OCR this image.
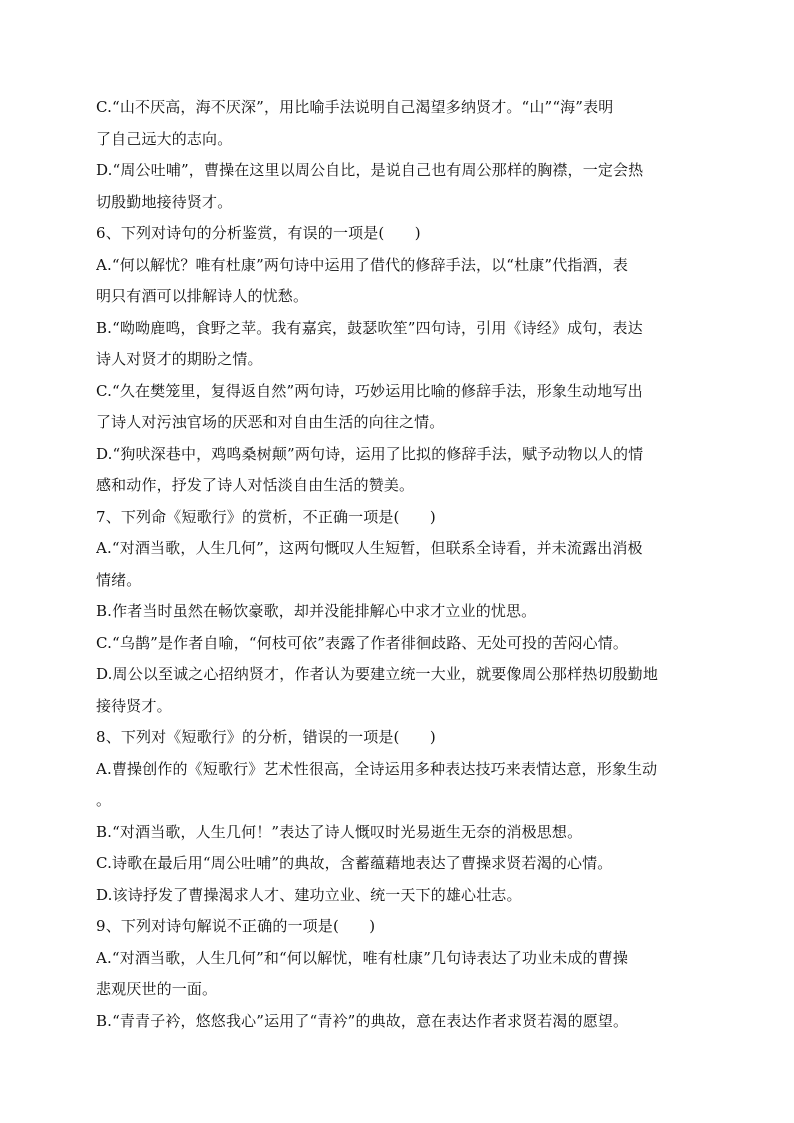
C.“山不厌高，海不厌深”，用比喻手法说明自己渴望多纳贤才。“山”“海”表明
了自己远大的志向。
D.“周公吐哺”，曹操在这里以周公自比，是说自己也有周公那样的胸襟，一定会热
切殷勤地接待贤才。
6、下列对诗句的分析鉴赏，有误的一项是(　　)
A.“何以解忧？唯有杜康”两句诗中运用了借代的修辞手法，以“杜康”代指酒，表
明只有酒可以排解诗人的忧愁。
B.“呦呦鹿鸣，食野之苹。我有嘉宾，鼓瑟吹笙”四句诗，引用《诗经》成句，表达
诗人对贤才的期盼之情。
C.“久在樊笼里，复得返自然”两句诗，巧妙运用比喻的修辞手法，形象生动地写出
了诗人对污浊官场的厌恶和对自由生活的向往之情。
D.“狗吠深巷中，鸡鸣桑树颠”两句诗，运用了比拟的修辞手法，赋予动物以人的情
感和动作，抒发了诗人对恬淡自由生活的赞美。
7、下列命《短歌行》的赏析，不正确一项是(　　)
A.“对酒当歌，人生几何”，这两句慨叹人生短暂，但联系全诗看，并未流露出消极
情绪。
B.作者当时虽然在畅饮豪歌，却并没能排解心中求才立业的忧思。
C.“乌鹊”是作者自喻，“何枝可依”表露了作者徘徊歧路、无处可投的苦闷心情。
D.周公以至诚之心招纳贤才，作者认为要建立统一大业，就要像周公那样热切殷勤地
接待贤才。
8、下列对《短歌行》的分析，错误的一项是(　　)
A.曹操创作的《短歌行》艺术性很高，全诗运用多种表达技巧来表情达意，形象生动
。
B.“对酒当歌，人生几何！”表达了诗人慨叹时光易逝生无奈的消极思想。
C.诗歌在最后用“周公吐哺”的典故，含蓄蕴藉地表达了曹操求贤若渴的心情。
D.该诗抒发了曹操渴求人才、建功立业、统一天下的雄心壮志。
9、下列对诗句解说不正确的一项是(　　)
A.“对酒当歌，人生几何”和“何以解忧，唯有杜康”几句诗表达了功业未成的曹操
悲观厌世的一面。
B.“青青子衿，悠悠我心”运用了“青衿”的典故，意在表达作者求贤若渴的愿望。
